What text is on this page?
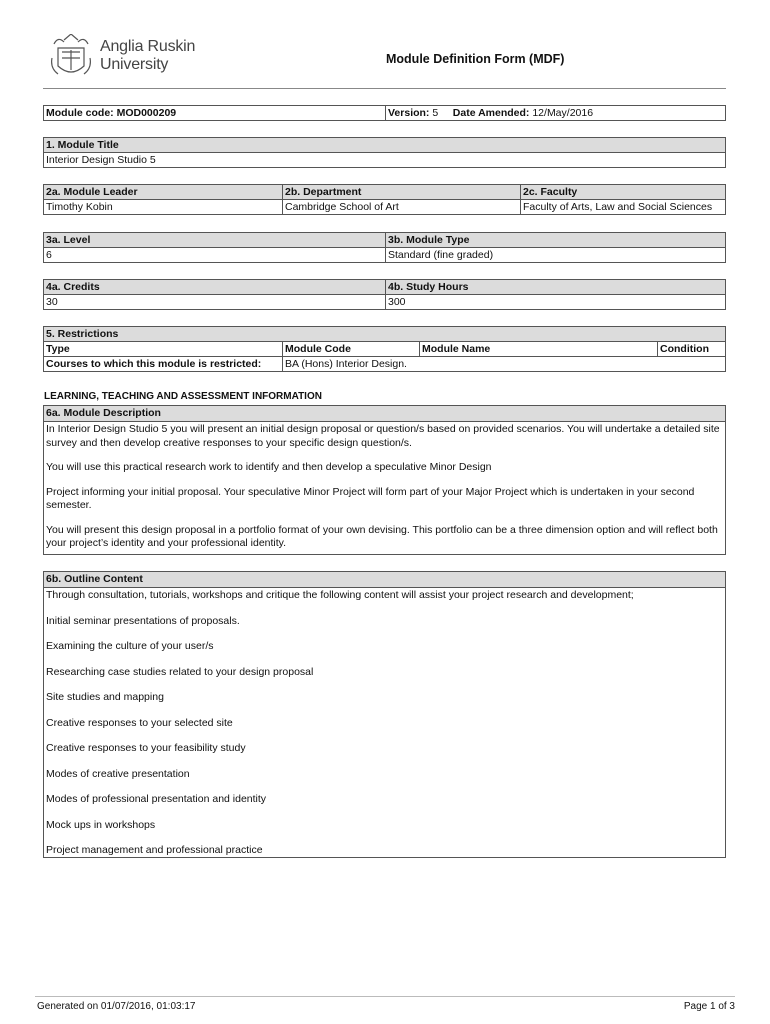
Anglia Ruskin
University	Module Definition Form (MDF)
Module code: MOD000209	Version: 5 Date Amended: 12/May/2016
1. Module Title
Interior Design Studio 5
2a. Module Leader	2b. Department	2c. Faculty
Timothy Kobin	Cambridge School of Art	Faculty of Arts, Law and Social Sciences
3a. Level	3b. Module Type
6	Standard (fine graded)
4a. Credits	4b. Study Hours
30	300
5. Restrictions			
Type	Module Code	Module Name	Condition
Courses to which this module is restricted:	BA (Hons) Interior Design.		
LEARNING, TEACHING AND ASSESSMENT INFORMATION
6a. Module Description

In Interior Design Studio 5 you will present an initial design proposal or question/s based on provided scenarios. You will undertake a detailed site survey and then develop creative responses to your specific design question/s.

You will use this practical research work to identify and then develop a speculative Minor Design

Project informing your initial proposal. Your speculative Minor Project will form part of your Major Project which is undertaken in your second semester.

You will present this design proposal in a portfolio format of your own devising. This portfolio can be a three dimension option and will reflect both your project’s identity and your professional identity.

6b. Outline Content

Through consultation, tutorials, workshops and critique the following content will assist your project research and development;

Initial seminar presentations of proposals.

Examining the culture of your user/s

Researching case studies related to your design proposal

Site studies and mapping

Creative responses to your selected site

Creative responses to your feasibility study

Modes of creative presentation

Modes of professional presentation and identity

Mock ups in workshops

Project management and professional practice

Generated on 01/07/2016, 01:03:17	Page 1 of 3
